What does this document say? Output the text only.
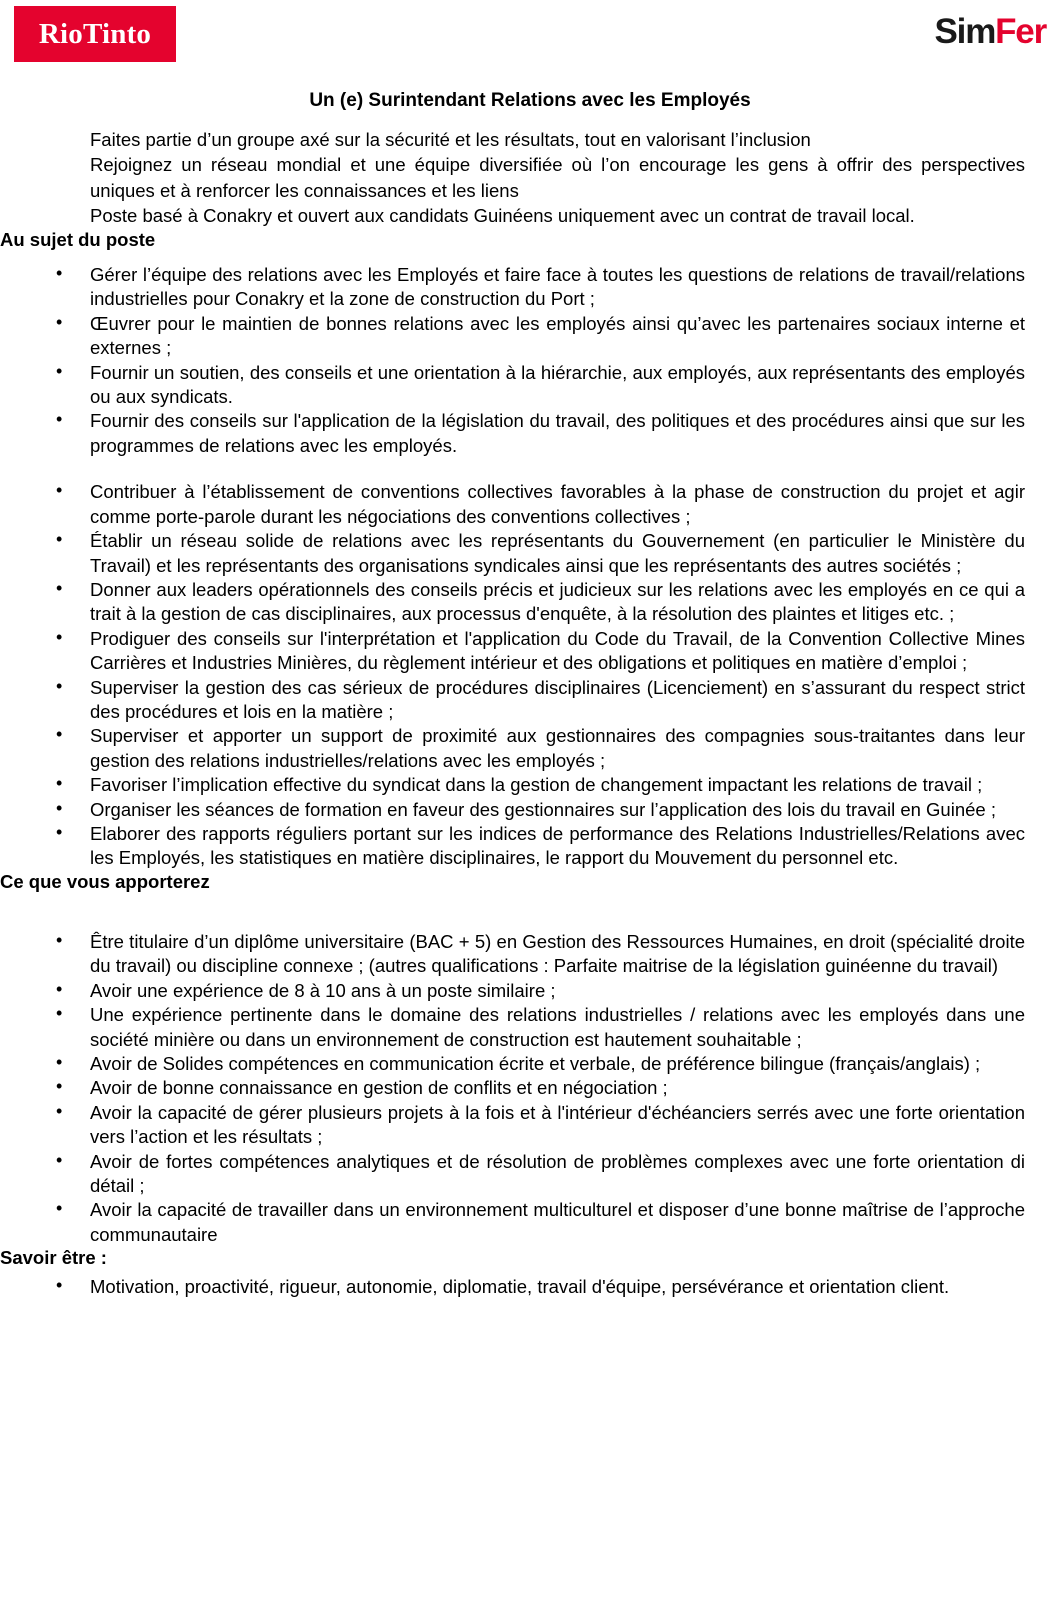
RioTinto	SimFer
Un (e) Surintendant Relations avec les Employés

Faites partie d’un groupe axé sur la sécurité et les résultats, tout en valorisant l’inclusion

Rejoignez un réseau mondial et une équipe diversifiée où l’on encourage les gens à offrir des perspectives uniques et à renforcer les connaissances et les liens

Poste basé à Conakry et ouvert aux candidats Guinéens uniquement avec un contrat de travail local.

Au sujet du poste
• Gérer l’équipe des relations avec les Employés et faire face à toutes les questions de relations de travail/relations industrielles pour Conakry et la zone de construction du Port ;
• Œuvrer pour le maintien de bonnes relations avec les employés ainsi qu’avec les partenaires sociaux interne et externes ;
• Fournir un soutien, des conseils et une orientation à la hiérarchie, aux employés, aux représentants des employés ou aux syndicats.
• Fournir des conseils sur l'application de la législation du travail, des politiques et des procédures ainsi que sur les programmes de relations avec les employés.
• Contribuer à l’établissement de conventions collectives favorables à la phase de construction du projet et agir comme porte-parole durant les négociations des conventions collectives ;
• Établir un réseau solide de relations avec les représentants du Gouvernement (en particulier le Ministère du Travail) et les représentants des organisations syndicales ainsi que les représentants des autres sociétés ;
• Donner aux leaders opérationnels des conseils précis et judicieux sur les relations avec les employés en ce qui a trait à la gestion de cas disciplinaires, aux processus d'enquête, à la résolution des plaintes et litiges etc. ;
• Prodiguer des conseils sur l'interprétation et l'application du Code du Travail, de la Convention Collective Mines Carrières et Industries Minières, du règlement intérieur et des obligations et politiques en matière d’emploi ;
• Superviser la gestion des cas sérieux de procédures disciplinaires (Licenciement) en s’assurant du respect strict des procédures et lois en la matière ;
• Superviser et apporter un support de proximité aux gestionnaires des compagnies sous-traitantes dans leur gestion des relations industrielles/relations avec les employés ;
• Favoriser l’implication effective du syndicat dans la gestion de changement impactant les relations de travail ;
• Organiser les séances de formation en faveur des gestionnaires sur l’application des lois du travail en Guinée ;
• Elaborer des rapports réguliers portant sur les indices de performance des Relations Industrielles/Relations avec les Employés, les statistiques en matière disciplinaires, le rapport du Mouvement du personnel etc.
Ce que vous apporterez
• Être titulaire d’un diplôme universitaire (BAC + 5) en Gestion des Ressources Humaines, en droit (spécialité droite du travail) ou discipline connexe ; (autres qualifications : Parfaite maitrise de la législation guinéenne du travail)
• Avoir une expérience de 8 à 10 ans à un poste similaire ;
• Une expérience pertinente dans le domaine des relations industrielles / relations avec les employés dans une société minière ou dans un environnement de construction est hautement souhaitable ;
• Avoir de Solides compétences en communication écrite et verbale, de préférence bilingue (français/anglais) ;
• Avoir de bonne connaissance en gestion de conflits et en négociation ;
• Avoir la capacité de gérer plusieurs projets à la fois et à l'intérieur d'échéanciers serrés avec une forte orientation vers l’action et les résultats ;
• Avoir de fortes compétences analytiques et de résolution de problèmes complexes avec une forte orientation di détail ;
• Avoir la capacité de travailler dans un environnement multiculturel et disposer d’une bonne maîtrise de l’approche communautaire
Savoir être :
• Motivation, proactivité, rigueur, autonomie, diplomatie, travail d'équipe, persévérance et orientation client.
